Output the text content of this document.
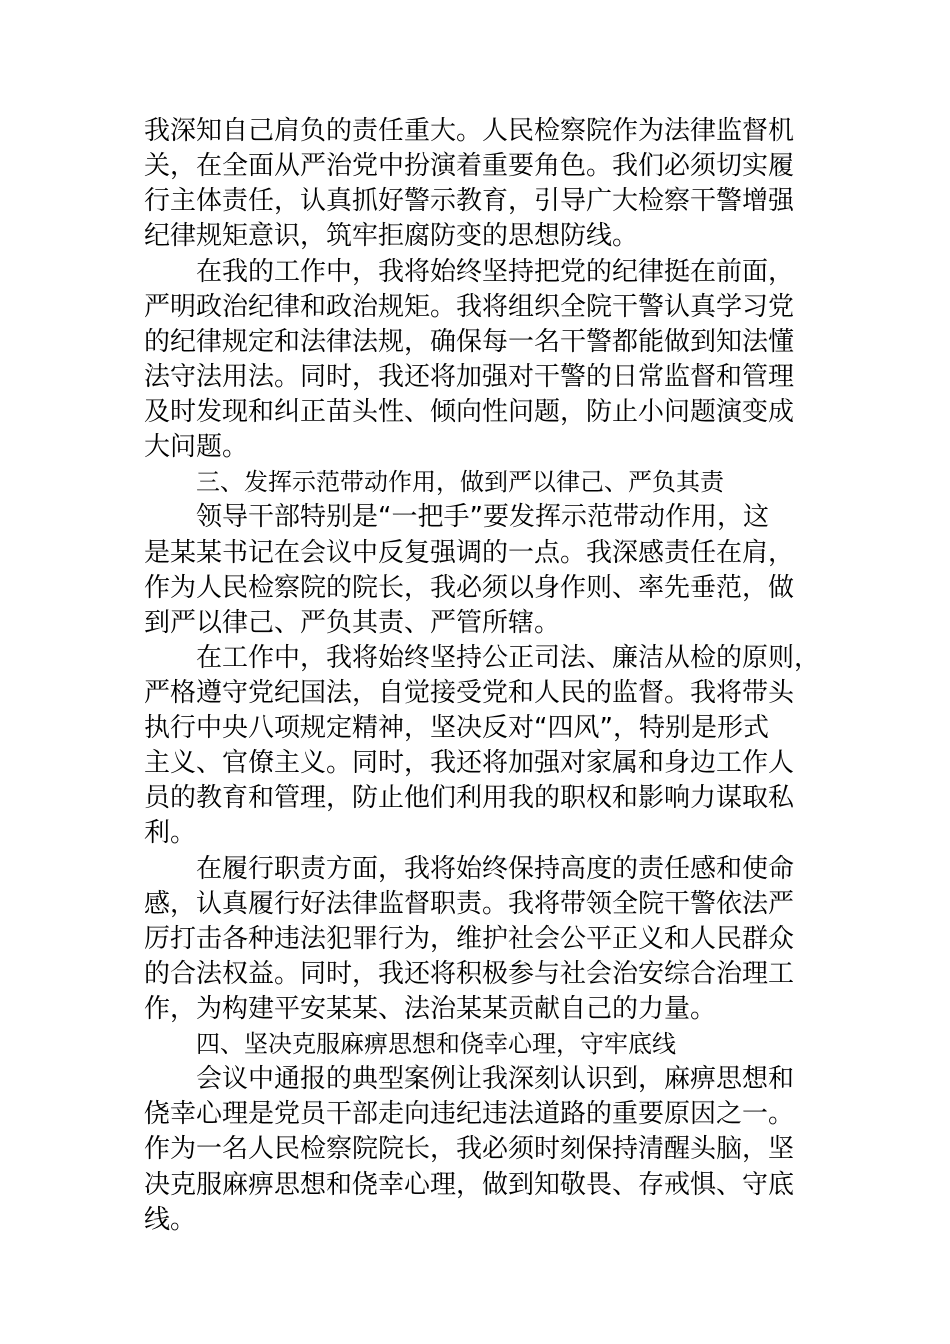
我深知自己肩负的责任重大。人民检察院作为法律监督机
关，在全面从严治党中扮演着重要角色。我们必须切实履
行主体责任，认真抓好警示教育，引导广大检察干警增强
纪律规矩意识，筑牢拒腐防变的思想防线。
在我的工作中，我将始终坚持把党的纪律挺在前面，
严明政治纪律和政治规矩。我将组织全院干警认真学习党
的纪律规定和法律法规，确保每一名干警都能做到知法懂
法守法用法。同时，我还将加强对干警的日常监督和管理
及时发现和纠正苗头性、倾向性问题，防止小问题演变成
大问题。
三、发挥示范带动作用，做到严以律己、严负其责
领导干部特别是“一把手”要发挥示范带动作用，这
是某某书记在会议中反复强调的一点。我深感责任在肩，
作为人民检察院的院长，我必须以身作则、率先垂范，做
到严以律己、严负其责、严管所辖。
在工作中，我将始终坚持公正司法、廉洁从检的原则，
严格遵守党纪国法，自觉接受党和人民的监督。我将带头
执行中央八项规定精神，坚决反对“四风”，特别是形式
主义、官僚主义。同时，我还将加强对家属和身边工作人
员的教育和管理，防止他们利用我的职权和影响力谋取私
利。
在履行职责方面，我将始终保持高度的责任感和使命
感，认真履行好法律监督职责。我将带领全院干警依法严
厉打击各种违法犯罪行为，维护社会公平正义和人民群众
的合法权益。同时，我还将积极参与社会治安综合治理工
作，为构建平安某某、法治某某贡献自己的力量。
四、坚决克服麻痹思想和侥幸心理，守牢底线
会议中通报的典型案例让我深刻认识到，麻痹思想和
侥幸心理是党员干部走向违纪违法道路的重要原因之一。
作为一名人民检察院院长，我必须时刻保持清醒头脑，坚
决克服麻痹思想和侥幸心理，做到知敬畏、存戒惧、守底
线。
